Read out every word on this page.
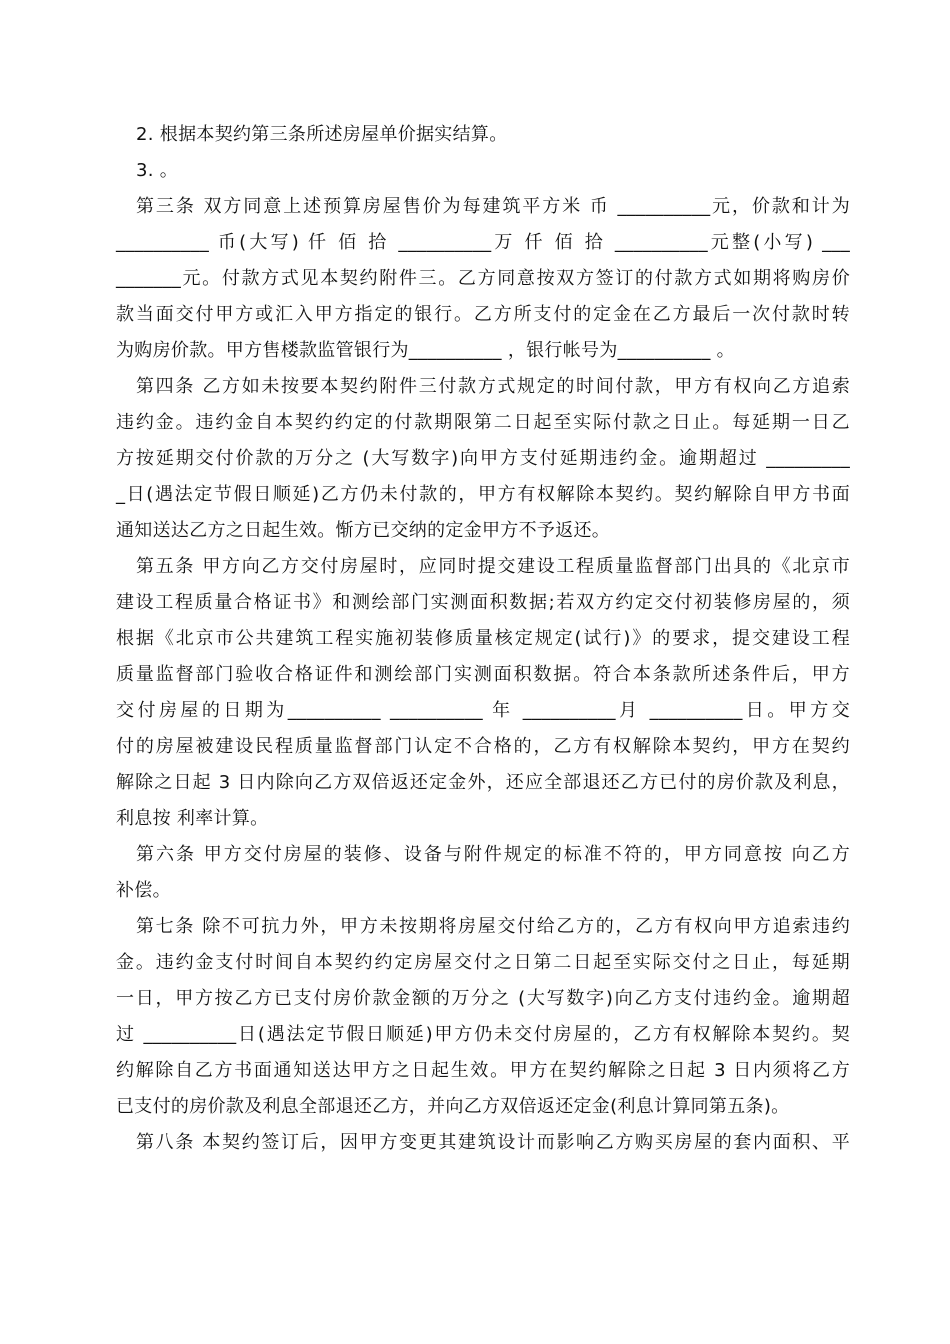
2. 根据本契约第三条所述房屋单价据实结算。
3. 。
第三条 双方同意上述预算房屋售价为每建筑平方米 币 __________元，价款和计为
__________ 币(大写) 仟 佰 拾 __________万 仟 佰 拾 __________元整(小写) ___
_______元。付款方式见本契约附件三。乙方同意按双方签订的付款方式如期将购房价
款当面交付甲方或汇入甲方指定的银行。乙方所支付的定金在乙方最后一次付款时转
为购房价款。甲方售楼款监管银行为__________ ，银行帐号为__________ 。
第四条 乙方如未按要本契约附件三付款方式规定的时间付款，甲方有权向乙方追索
违约金。违约金自本契约约定的付款期限第二日起至实际付款之日止。每延期一日乙
方按延期交付价款的万分之 (大写数字)向甲方支付延期违约金。逾期超过 _________
_日(遇法定节假日顺延)乙方仍未付款的，甲方有权解除本契约。契约解除自甲方书面
通知送达乙方之日起生效。惭方已交纳的定金甲方不予返还。
第五条 甲方向乙方交付房屋时，应同时提交建设工程质量监督部门出具的《北京市
建设工程质量合格证书》和测绘部门实测面积数据;若双方约定交付初装修房屋的，须
根据《北京市公共建筑工程实施初装修质量核定规定(试行)》的要求，提交建设工程
质量监督部门验收合格证件和测绘部门实测面积数据。符合本条款所述条件后，甲方
交付房屋的日期为__________ __________ 年 __________月 __________日。甲方交
付的房屋被建设民程质量监督部门认定不合格的，乙方有权解除本契约，甲方在契约
解除之日起 3 日内除向乙方双倍返还定金外，还应全部退还乙方已付的房价款及利息，
利息按 利率计算。
第六条 甲方交付房屋的装修、设备与附件规定的标准不符的，甲方同意按 向乙方
补偿。
第七条 除不可抗力外，甲方未按期将房屋交付给乙方的，乙方有权向甲方追索违约
金。违约金支付时间自本契约约定房屋交付之日第二日起至实际交付之日止，每延期
一日，甲方按乙方已支付房价款金额的万分之 (大写数字)向乙方支付违约金。逾期超
过 __________日(遇法定节假日顺延)甲方仍未交付房屋的，乙方有权解除本契约。契
约解除自乙方书面通知送达甲方之日起生效。甲方在契约解除之日起 3 日内须将乙方
已支付的房价款及利息全部退还乙方，并向乙方双倍返还定金(利息计算同第五条)。
第八条 本契约签订后，因甲方变更其建筑设计而影响乙方购买房屋的套内面积、平
